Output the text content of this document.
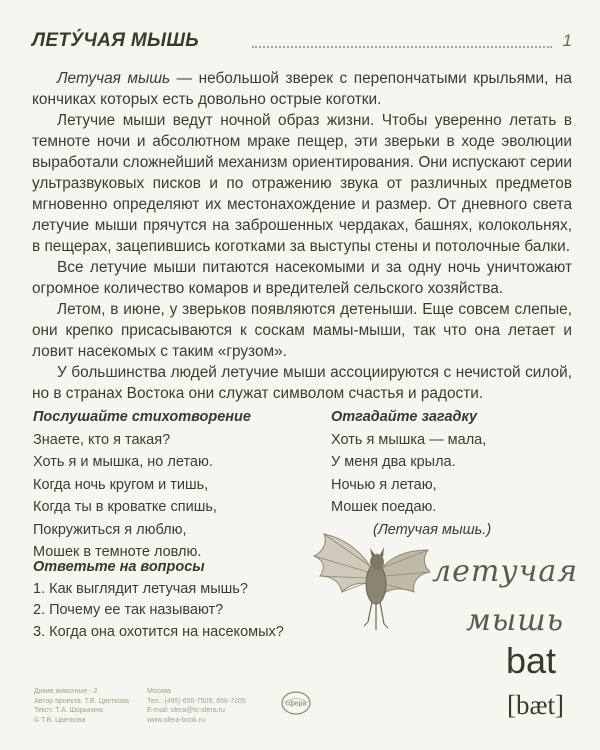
ЛЕТУ́ЧАЯ МЫШЬ	1

Летучая мышь — небольшой зверек с перепончатыми крыльями, на кончиках которых есть довольно острые коготки.

Летучие мыши ведут ночной образ жизни. Чтобы уверенно летать в темноте ночи и абсолютном мраке пещер, эти зверьки в ходе эволюции выработали сложнейший механизм ориентирования. Они испускают серии ультразвуковых писков и по отражению звука от различных предметов мгновенно определяют их местонахождение и размер. От дневного света летучие мыши прячутся на заброшенных чердаках, башнях, колокольнях, в пещерах, зацепившись коготками за выступы стены и потолочные балки.

Все летучие мыши питаются насекомыми и за одну ночь уничтожают огромное количество комаров и вредителей сельского хозяйства.

Летом, в июне, у зверьков появляются детеныши. Еще совсем слепые, они крепко присасываются к соскам мамы-мыши, так что она летает и ловит насекомых с таким «грузом».

У большинства людей летучие мыши ассоциируются с нечистой силой, но в странах Востока они служат символом счастья и радости.

Послушайте стихотворение
Знаете, кто я такая?
Хоть я и мышка, но летаю.
Когда ночь кругом и тишь,
Когда ты в кроватке спишь,
Покружиться я люблю,
Мошек в темноте ловлю.
Отгадайте загадку
Хоть я мышка — мала,
У меня два крыла.
Ночью я летаю,
Мошек поедаю.
(Летучая мышь.)
Ответьте на вопросы
1. Как выглядит летучая мышь?
2. Почему ее так называют?
3. Когда она охотится на насекомых?
летучая
мышь
bat
[bæt]
Дикие животные - 2
Автор проекта: Т.В. Цветкова
Текст: Т.А. Шорыгина
© Т.В. Цветкова
Москва
Тел.: (495) 656-7505, 656-7205
E-mail: sfera@tc-sfera.ru
www.sfera-book.ru
сфера
